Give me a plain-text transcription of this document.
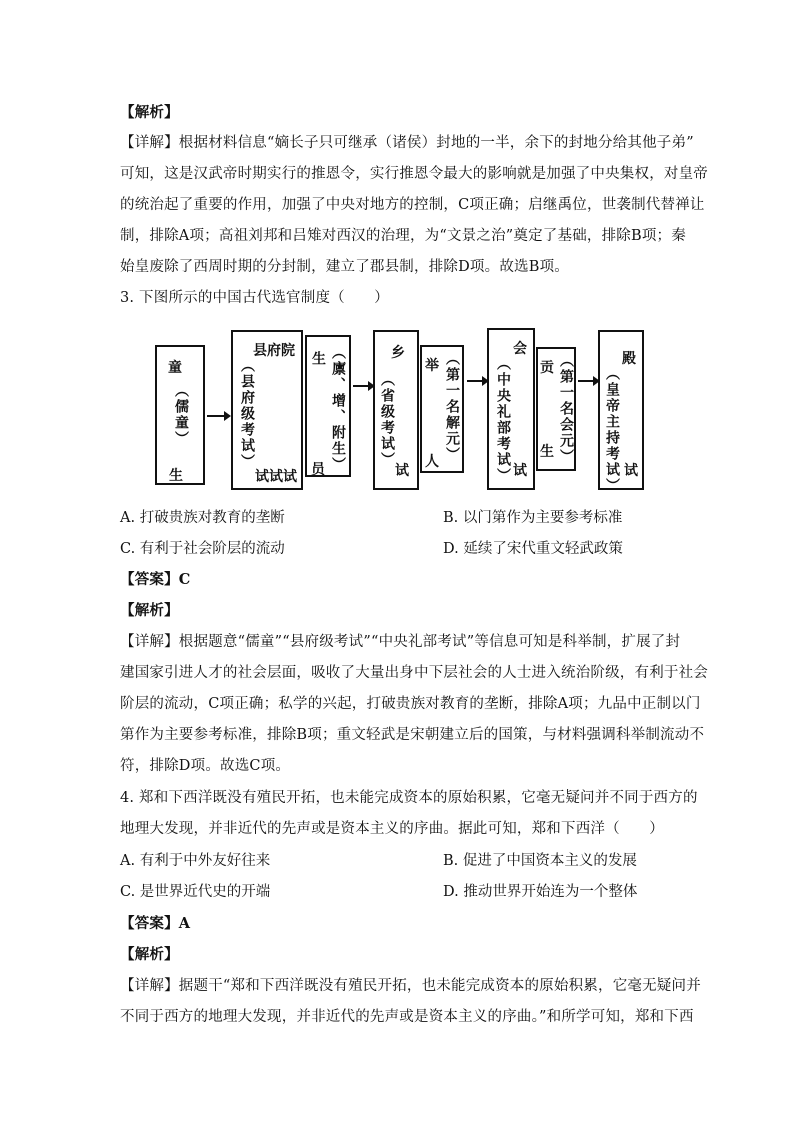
【解析】
【详解】根据材料信息“嫡长子只可继承（诸侯）封地的一半，余下的封地分给其他子弟”
可知，这是汉武帝时期实行的推恩令，实行推恩令最大的影响就是加强了中央集权，对皇帝
的统治起了重要的作用，加强了中央对地方的控制，C项正确；启继禹位，世袭制代替禅让
制，排除A项；高祖刘邦和吕雉对西汉的治理，为“文景之治”奠定了基础，排除B项；秦
始皇废除了西周时期的分封制，建立了郡县制，排除D项。故选B项。
3. 下图所示的中国古代选官制度（　　）
童
（儒童）
生
县府院
（县府级考试）
试试试
生 （廪、增、附生）
员
乡
（省级考试）
试
举 （第一名解元）
人
会
（中央礼部考试） 试
贡 （第一名会元）
生
殿
（皇帝主持考试） 试
A. 打破贵族对教育的垄断	B. 以门第作为主要参考标准
C. 有利于社会阶层的流动	D. 延续了宋代重文轻武政策
【答案】C
【解析】
【详解】根据题意“儒童”“县府级考试”“中央礼部考试”等信息可知是科举制，扩展了封
建国家引进人才的社会层面，吸收了大量出身中下层社会的人士进入统治阶级，有利于社会
阶层的流动，C项正确；私学的兴起，打破贵族对教育的垄断，排除A项；九品中正制以门
第作为主要参考标准，排除B项；重文轻武是宋朝建立后的国策，与材料强调科举制流动不
符，排除D项。故选C项。
4. 郑和下西洋既没有殖民开拓，也未能完成资本的原始积累，它毫无疑问并不同于西方的
地理大发现，并非近代的先声或是资本主义的序曲。据此可知，郑和下西洋（　　）
A. 有利于中外友好往来	B. 促进了中国资本主义的发展
C. 是世界近代史的开端	D. 推动世界开始连为一个整体
【答案】A
【解析】
【详解】据题干“郑和下西洋既没有殖民开拓，也未能完成资本的原始积累，它毫无疑问并
不同于西方的地理大发现，并非近代的先声或是资本主义的序曲。”和所学可知，郑和下西
